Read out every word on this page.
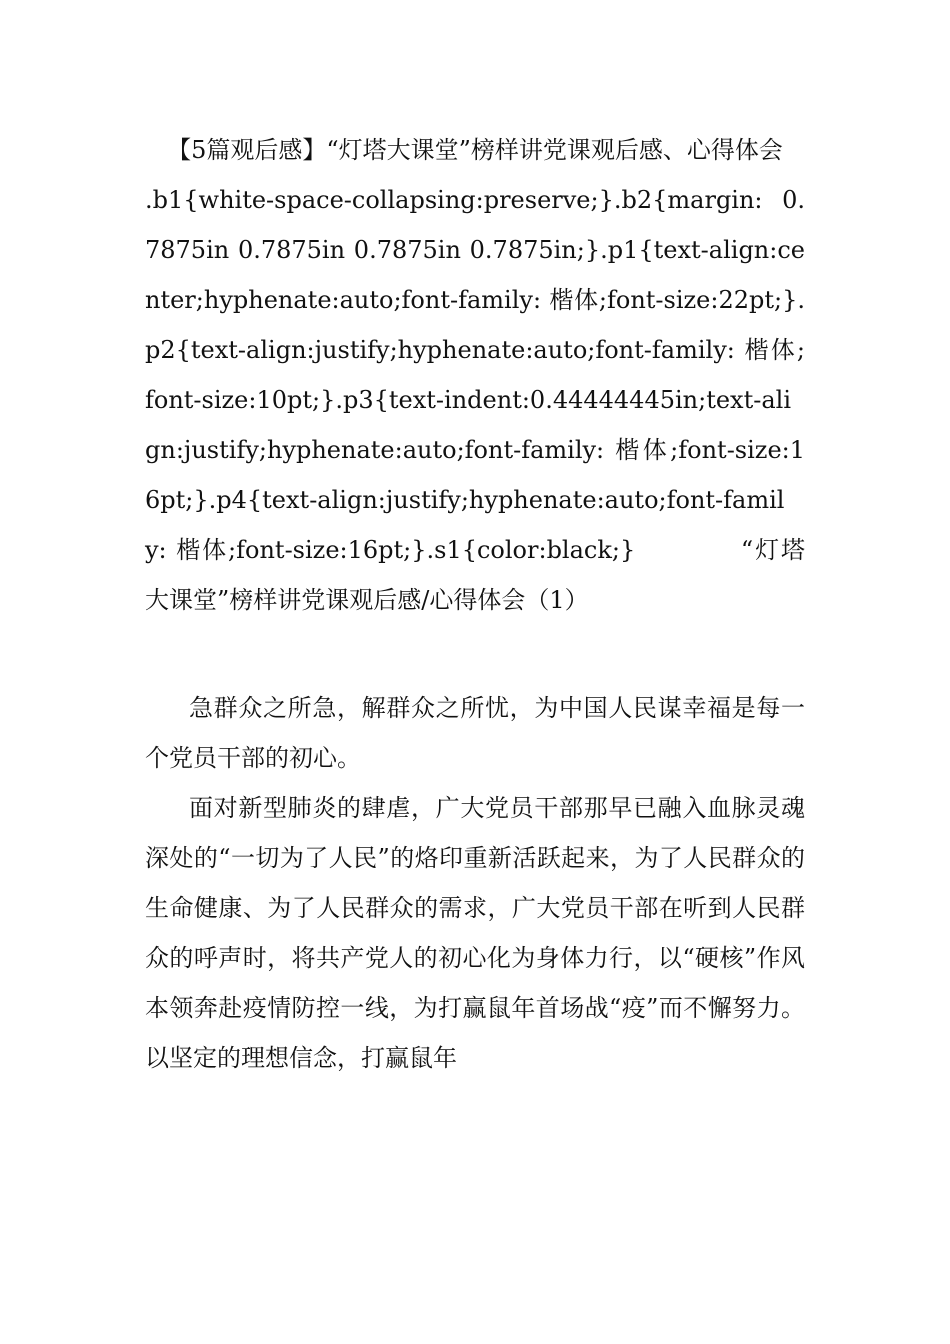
【5篇观后感】“灯塔大课堂”榜样讲党课观后感、心得体会

.b1{white-space-collapsing:preserve;}.b2{margin: 0.7875in 0.7875in 0.7875in 0.7875in;}.p1{text-align:center;hyphenate:auto;font-family: 楷体;font-size:22pt;}.p2{text-align:justify;hyphenate:auto;font-family: 楷体;font-size:10pt;}.p3{text-indent:0.44444445in;text-align:justify;hyphenate:auto;font-family: 楷体;font-size:16pt;}.p4{text-align:justify;hyphenate:auto;font-family: 楷体;font-size:16pt;}.s1{color:black;}　　　　“灯塔大课堂”榜样讲党课观后感/心得体会（1）

急群众之所急，解群众之所忧，为中国人民谋幸福是每一个党员干部的初心。

面对新型肺炎的肆虐，广大党员干部那早已融入血脉灵魂深处的“一切为了人民”的烙印重新活跃起来，为了人民群众的生命健康、为了人民群众的需求，广大党员干部在听到人民群众的呼声时，将共产党人的初心化为身体力行，以“硬核”作风本领奔赴疫情防控一线，为打赢鼠年首场战“疫”而不懈努力。以坚定的理想信念，打赢鼠年
